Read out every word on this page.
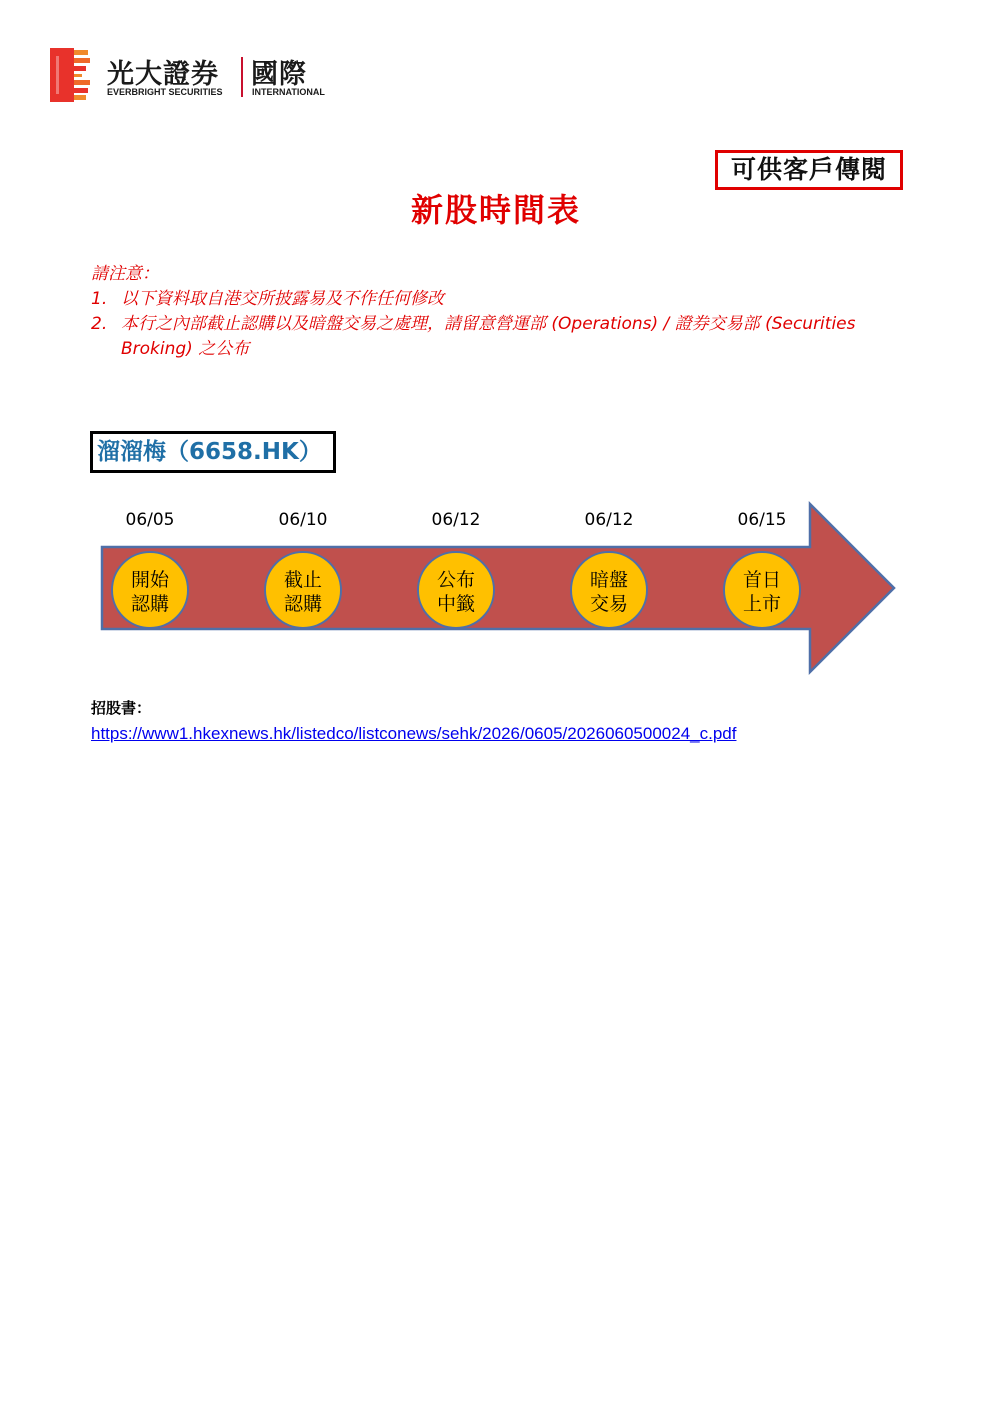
光大證券
EVERBRIGHT SECURITIES
國際
INTERNATIONAL
可供客戶傳閱
新股時間表
請注意：
1. 以下資料取自港交所披露易及不作任何修改
2. 本行之內部截止認購以及暗盤交易之處理，請留意營運部 (Operations) / 證券交易部 (Securities Broking) 之公布
溜溜梅（6658.HK）
06/05
開始
認購
06/10
截止
認購
06/12
公布
中籤
06/12
暗盤
交易
06/15
首日
上市
招股書：
https://www1.hkexnews.hk/listedco/listconews/sehk/2026/0605/2026060500024_c.pdf
